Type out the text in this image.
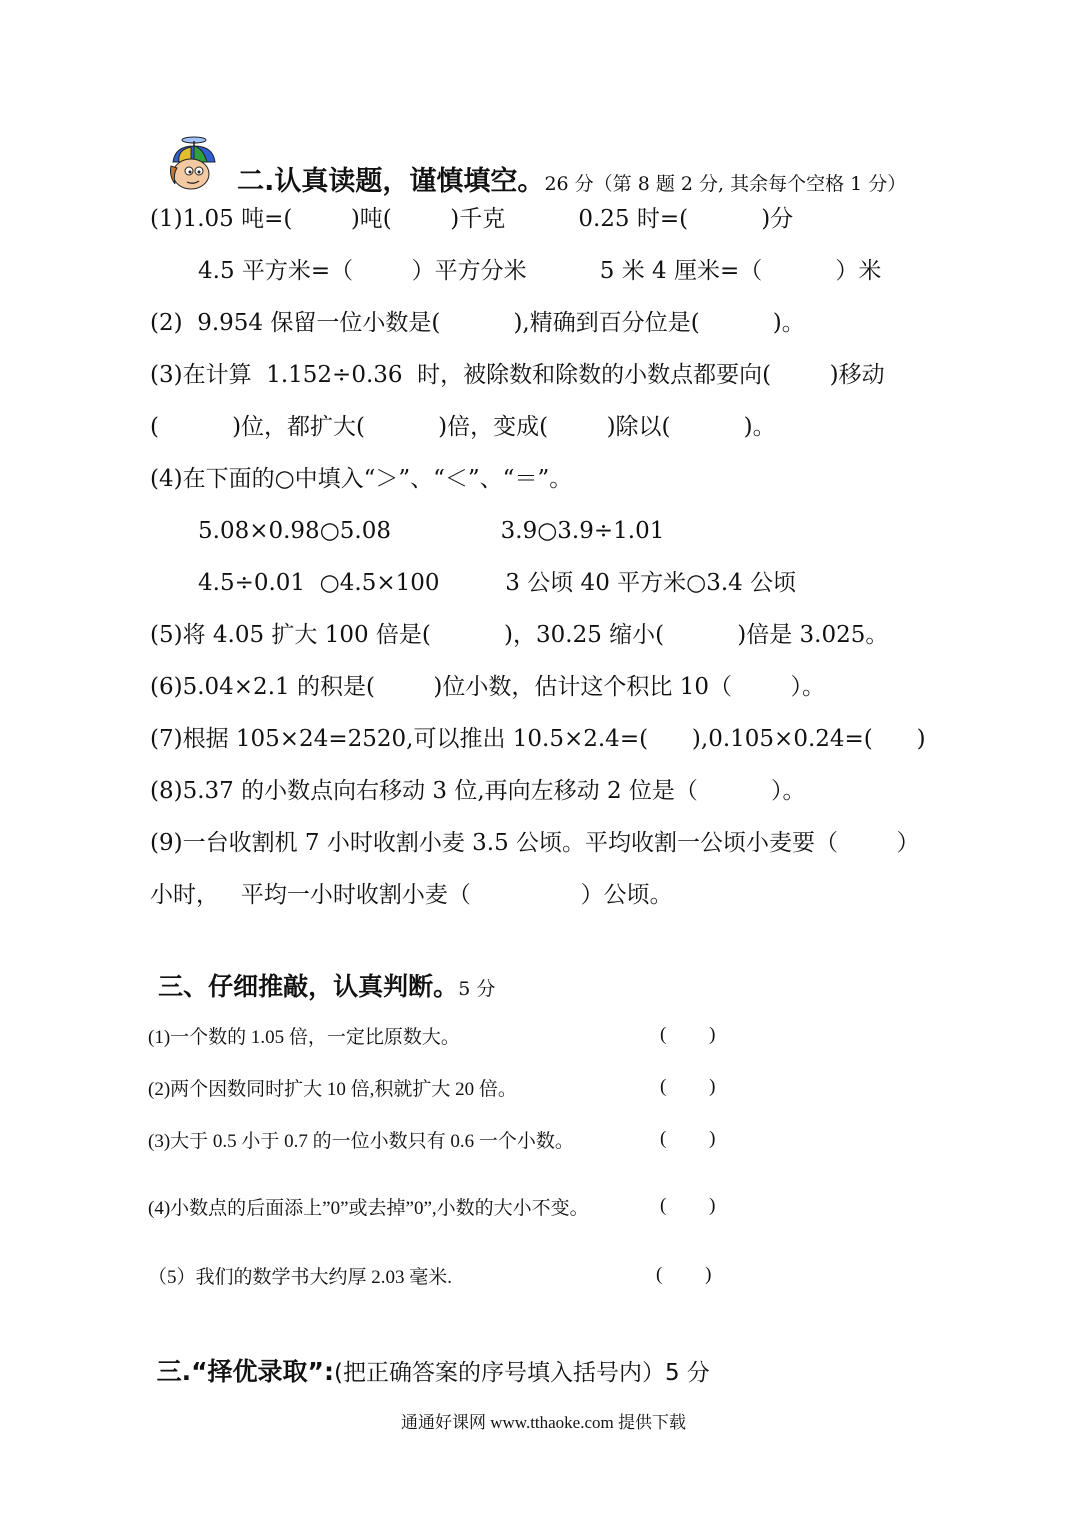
二.认真读题，谨慎填空。26 分（第 8 题 2 分, 其余每个空格 1 分）

(1)1.05 吨=(        )吨(        )千克          0.25 时=(          )分
4.5 平方米=（        ）平方分米          5 米 4 厘米=（          ）米
(2)  9.954 保留一位小数是(          ),精确到百分位是(          )。
(3)在计算  1.152÷0.36  时，被除数和除数的小数点都要向(        )移动
(          )位，都扩大(          )倍，变成(        )除以(          )。
(4)在下面的○中填入“＞”、“＜”、“＝”。
5.08×0.98○5.08               3.9○3.9÷1.01
4.5÷0.01  ○4.5×100         3 公顷 40 平方米○3.4 公顷
(5)将 4.05 扩大 100 倍是(          )，30.25 缩小(          )倍是 3.025。
(6)5.04×2.1 的积是(        )位小数，估计这个积比 10（        ）。
(7)根据 105×24=2520,可以推出 10.5×2.4=(      ),0.105×0.24=(      )
(8)5.37 的小数点向右移动 3 位,再向左移动 2 位是（          ）。
(9)一台收割机 7 小时收割小麦 3.5 公顷。平均收割一公顷小麦要（        ）
小时，   平均一小时收割小麦（               ）公顷。

三、仔细推敲，认真判断。5 分

(1)一个数的 1.05 倍，一定比原数大。	(         )
(2)两个因数同时扩大 10 倍,积就扩大 20 倍。	(         )
(3)大于 0.5 小于 0.7 的一位小数只有 0.6 一个小数。	(         )
(4)小数点的后面添上”0”或去掉”0”,小数的大小不变。	(         )
（5）我们的数学书大约厚 2.03 毫米.	(         )

三.“择优录取”:(把正确答案的序号填入括号内）5 分

通通好课网 www.tthaoke.com 提供下载
